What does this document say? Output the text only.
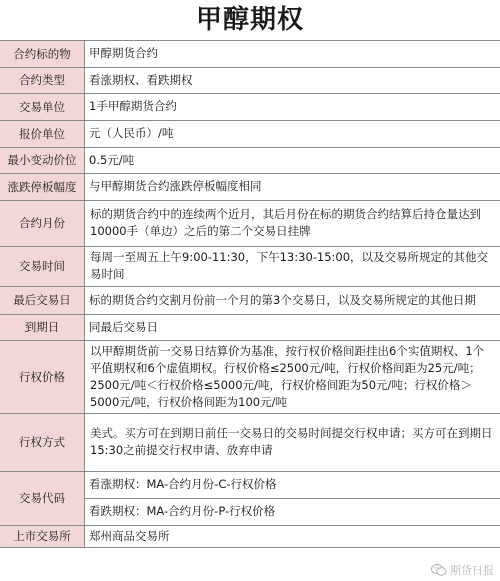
甲醇期权
合约标的物	甲醇期货合约
合约类型	看涨期权、看跌期权
交易单位	1手甲醇期货合约
报价单位	元（人民币）/吨
最小变动价位	0.5元/吨
涨跌停板幅度	与甲醇期货合约涨跌停板幅度相同
合约月份	标的期货合约中的连续两个近月，其后月份在标的期货合约结算后持仓量达到10000手（单边）之后的第二个交易日挂牌
交易时间	每周一至周五上午9:00-11:30，下午13:30-15:00，以及交易所规定的其他交易时间
最后交易日	标的期货合约交割月份前一个月的第3个交易日，以及交易所规定的其他日期
到期日	同最后交易日
行权价格	以甲醇期货前一交易日结算价为基准，按行权价格间距挂出6个实值期权、1个平值期权和6个虚值期权。行权价格≤2500元/吨，行权价格间距为25元/吨；2500元/吨＜行权价格≤5000元/吨，行权价格间距为50元/吨；行权价格＞5000元/吨，行权价格间距为100元/吨
行权方式	美式。买方可在到期日前任一交易日的交易时间提交行权申请；买方可在到期日15:30之前提交行权申请、放弃申请
交易代码	看涨期权：MA-合约月份-C-行权价格
	看跌期权：MA-合约月份-P-行权价格
上市交易所	郑州商品交易所
期货日报
